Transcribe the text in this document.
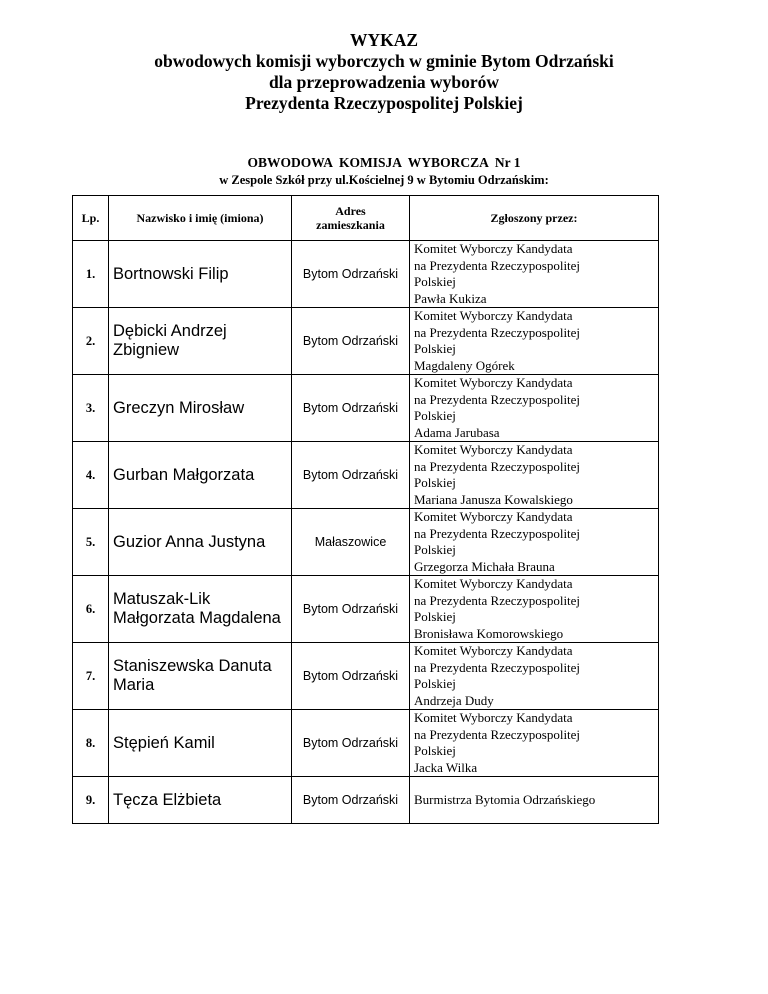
WYKAZ
obwodowych komisji wyborczych w gminie Bytom Odrzański
dla przeprowadzenia wyborów
Prezydenta Rzeczypospolitej Polskiej
OBWODOWA  KOMISJA  WYBORCZA  Nr 1
w Zespole Szkół przy ul.Kościelnej 9 w Bytomiu Odrzańskim:
Lp.	Nazwisko i imię (imiona)	Adres zamieszkania	Zgłoszony przez:
1.	Bortnowski Filip	Bytom Odrzański	Komitet Wyborczy Kandydata
na Prezydenta Rzeczypospolitej
Polskiej
Pawła Kukiza

2.	Dębicki Andrzej Zbigniew	Bytom Odrzański	Komitet Wyborczy Kandydata
na Prezydenta Rzeczypospolitej
Polskiej
Magdaleny Ogórek

3.	Greczyn Mirosław	Bytom Odrzański	Komitet Wyborczy Kandydata
na Prezydenta Rzeczypospolitej
Polskiej
Adama Jarubasa

4.	Gurban Małgorzata	Bytom Odrzański	Komitet Wyborczy Kandydata
na Prezydenta Rzeczypospolitej
Polskiej
Mariana Janusza Kowalskiego

5.	Guzior Anna Justyna	Małaszowice	Komitet Wyborczy Kandydata
na Prezydenta Rzeczypospolitej
Polskiej
Grzegorza Michała Brauna

6.	Matuszak-Lik Małgorzata Magdalena	Bytom Odrzański	Komitet Wyborczy Kandydata
na Prezydenta Rzeczypospolitej
Polskiej
Bronisława Komorowskiego

7.	Staniszewska Danuta Maria	Bytom Odrzański	Komitet Wyborczy Kandydata
na Prezydenta Rzeczypospolitej
Polskiej
Andrzeja Dudy

8.	Stępień Kamil	Bytom Odrzański	Komitet Wyborczy Kandydata
na Prezydenta Rzeczypospolitej
Polskiej
Jacka Wilka

9.	Tęcza Elżbieta	Bytom Odrzański	Burmistrza Bytomia Odrzańskiego
